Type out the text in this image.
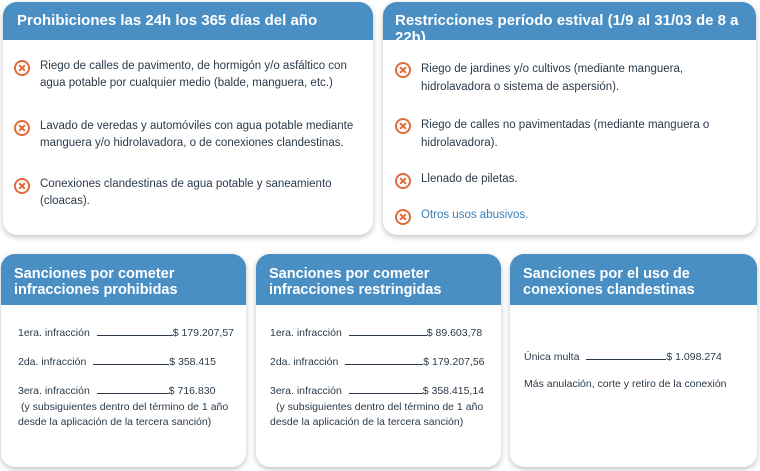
Prohibiciones las 24h los 365 días del año
Riego de calles de pavimento, de hormigón y/o asfáltico con agua potable por cualquier medio (balde, manguera, etc.)
Lavado de veredas y automóviles con agua potable mediante manguera y/o hidrolavadora, o de conexiones clandestinas.
Conexiones clandestinas de agua potable y saneamiento (cloacas).
Restricciones período estival (1/9 al 31/03 de 8 a 22h)
Riego de jardines y/o cultivos (mediante manguera, hidrolavadora o sistema de aspersión).
Riego de calles no pavimentadas (mediante manguera o hidrolavadora).
Llenado de piletas.
Otros usos abusivos.
Sanciones por cometer
infracciones prohibidas
1era. infracción	$ 179.207,57
2da. infracción	$ 358.415
3era. infracción	$ 716.830
(y subsiguientes dentro del término de 1 año desde la aplicación de la tercera sanción)
Sanciones por cometer
infracciones restringidas
1era. infracción	$ 89.603,78
2da. infracción	$ 179.207,56
3era. infracción	$ 358.415,14
(y subsiguientes dentro del término de 1 año desde la aplicación de la tercera sanción)
Sanciones por el uso de
conexiones clandestinas
Única multa	$ 1.098.274
Más anulación, corte y retiro de la conexión
